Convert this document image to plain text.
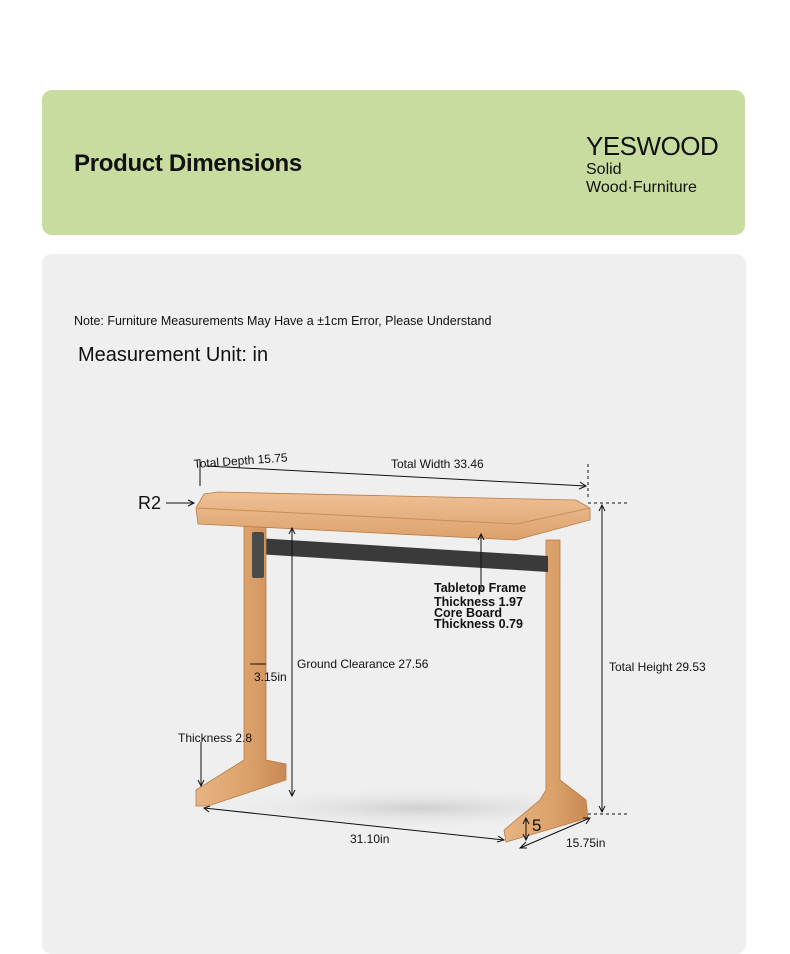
Product Dimensions
YESWOOD
Solid
Wood·Furniture
Note: Furniture Measurements May Have a ±1cm Error, Please Understand
Measurement Unit: in
Total Depth 15.75	Total Width 33.46
R2
Tabletop Frame
Thickness 1.97
Core Board
Thickness 0.79
Ground Clearance 27.56	Total Height 29.53
3.15in
Thickness 2.8
31.10in	15.75in
5
